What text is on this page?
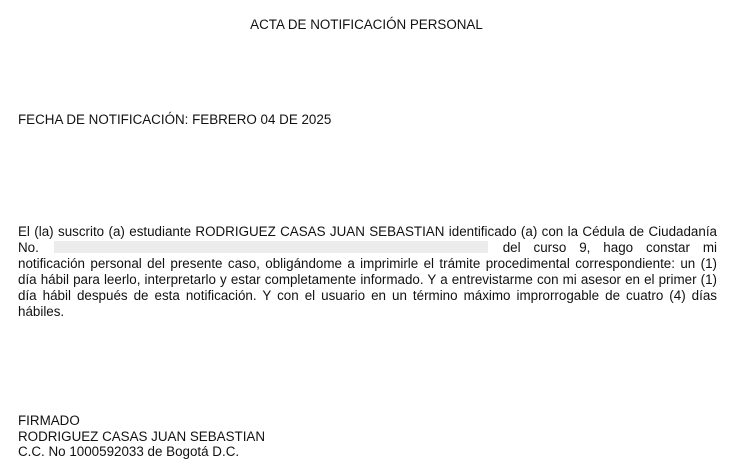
ACTA DE NOTIFICACIÓN PERSONAL
FECHA DE NOTIFICACIÓN: FEBRERO 04 DE 2025
El (la) suscrito (a) estudiante RODRIGUEZ CASAS JUAN SEBASTIAN identificado (a) con la Cédula de Ciudadanía No.	del curso 9, hago constar mi notificación personal del presente caso, obligándome a imprimirle el trámite procedimental correspondiente: un (1) día hábil para leerlo, interpretarlo y estar completamente informado. Y a entrevistarme con mi asesor en el primer (1) día hábil después de esta notificación. Y con el usuario en un término máximo improrrogable de cuatro (4) días hábiles.
FIRMADO
RODRIGUEZ CASAS JUAN SEBASTIAN
C.C. No 1000592033 de Bogotá D.C.
